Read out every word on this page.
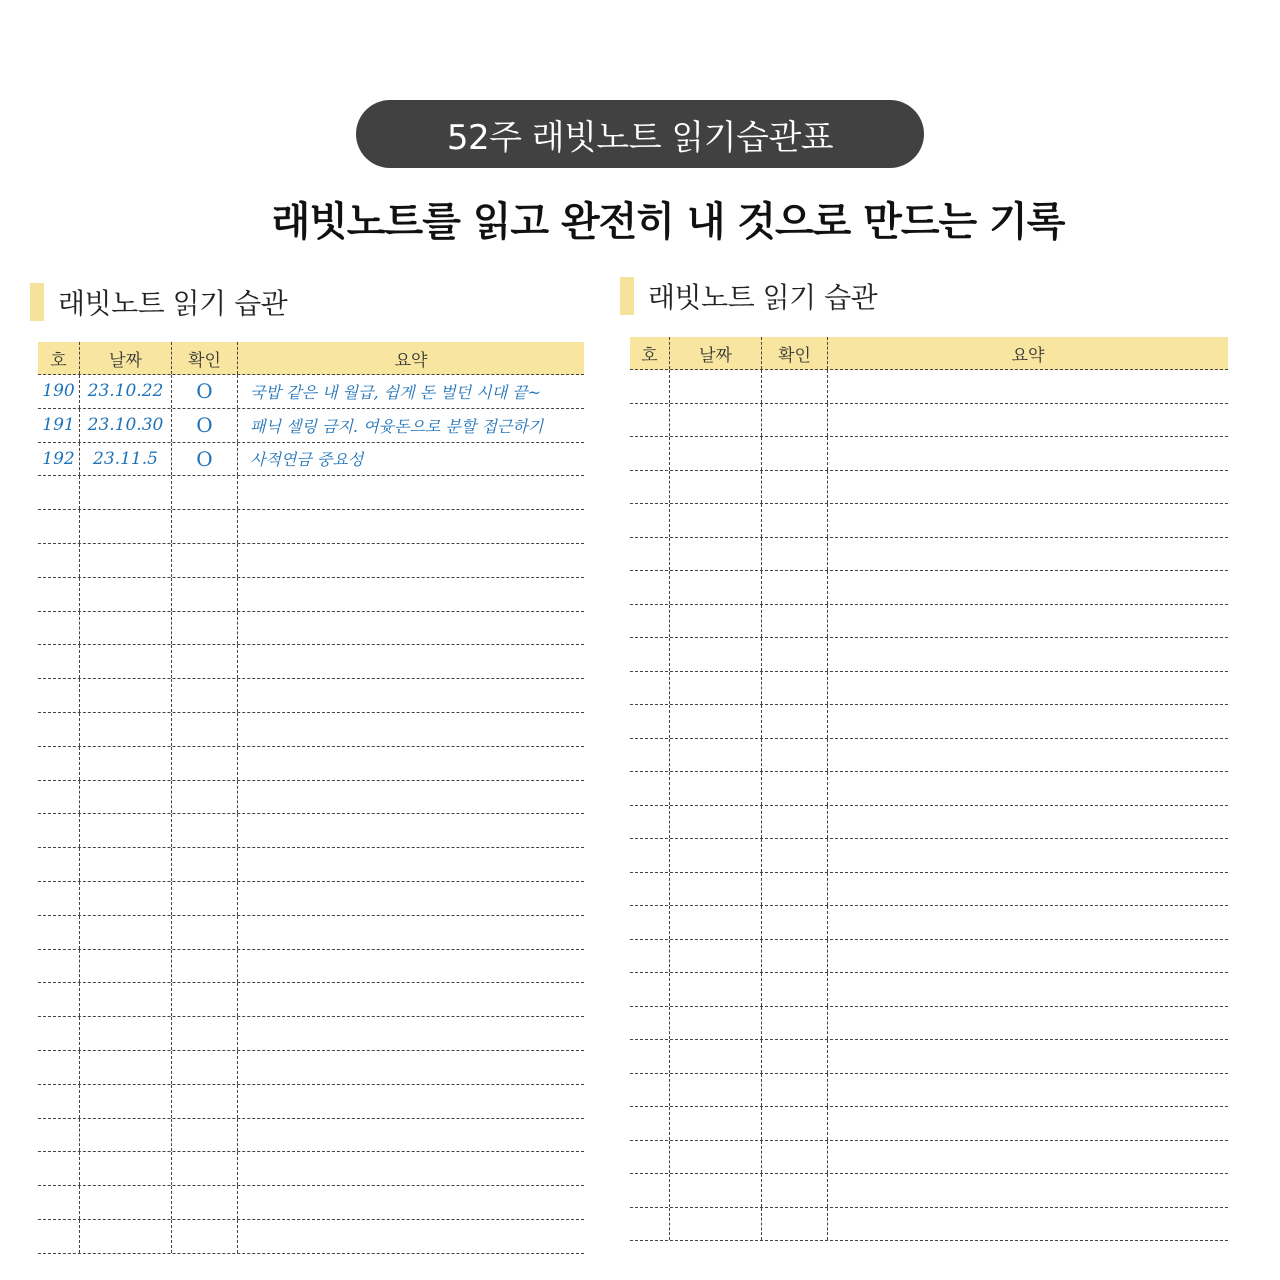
52주 래빗노트 읽기습관표
래빗노트를 읽고 완전히 내 것으로 만드는 기록
래빗노트 읽기 습관
호	날짜	확인	요약
190 23.10.22	O	국밥 같은 내 월급, 쉽게 돈 벌던 시대 끝~
191 23.10.30	O	패닉 셀링 금지. 여윳돈으로 분할 접근하기
192	23.11.5	O	사적연금 중요성
래빗노트 읽기 습관
호	날짜	확인	요약
